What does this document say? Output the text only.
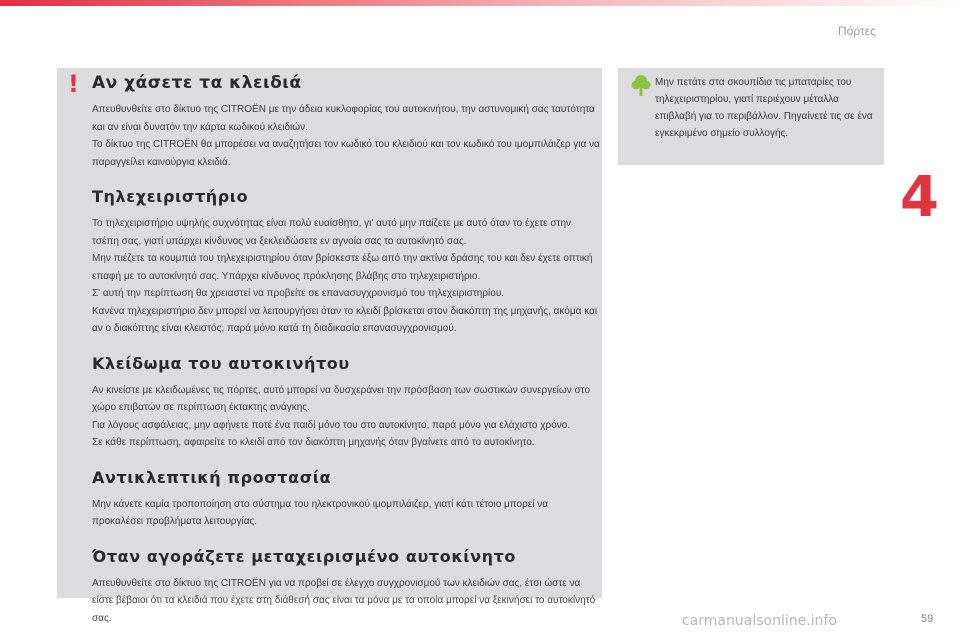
Πόρτες
4
! Αν χάσετε τα κλειδιά

Απευθυνθείτε στο δίκτυο της CITROËN με την άδεια κυκλοφορίας του αυτοκινήτου, την αστυνομική σας ταυτότητα και αν είναι δυνατόν την κάρτα κωδικού κλειδιών.

Το δίκτυο της CITROËN θα μπορέσει να αναζητήσει τον κωδικό του κλειδιού και τον κωδικό του ιμομπιλάιζερ για να παραγγείλει καινούργια κλειδιά.

Τηλεχειριστήριο

Το τηλεχειριστήριο υψηλής συχνότητας είναι πολύ ευαίσθητο, γι' αυτό μην παίζετε με αυτό όταν το έχετε στην τσέπη σας, γιατί υπάρχει κίνδυνος να ξεκλειδώσετε εν αγνοία σας το αυτοκίνητό σας.

Μην πιέζετε τα κουμπιά του τηλεχειριστηρίου όταν βρίσκεστε έξω από την ακτίνα δράσης του και δεν έχετε οπτική επαφή με το αυτοκίνητό σας. Υπάρχει κίνδυνος πρόκλησης βλάβης στο τηλεχειριστήριο.

Σ' αυτή την περίπτωση θα χρειαστεί να προβείτε σε επανασυγχρονισμό του τηλεχειριστηρίου.

Κανένα τηλεχειριστήριο δεν μπορεί να λειτουργήσει όταν το κλειδί βρίσκεται στον διακόπτη της μηχανής, ακόμα και αν ο διακόπτης είναι κλειστός, παρά μόνο κατά τη διαδικασία επανασυγχρονισμού.

Κλείδωμα του αυτοκινήτου

Αν κινείστε με κλειδωμένες τις πόρτες, αυτό μπορεί να δυσχεράνει την πρόσβαση των σωστικών συνεργείων στο χώρο επιβατών σε περίπτωση έκτακτης ανάγκης.

Για λόγους ασφάλειας, μην αφήνετε ποτέ ένα παιδί μόνο του στο αυτοκίνητο, παρά μόνο για ελάχιστο χρόνο.

Σε κάθε περίπτωση, αφαιρείτε το κλειδί από τον διακόπτη μηχανής όταν βγαίνετε από το αυτοκίνητο.

Αντικλεπτική προστασία

Μην κάνετε καμία τροποποίηση στο σύστημα του ηλεκτρονικού ιμομπιλάιζερ, γιατί κάτι τέτοιο μπορεί να προκαλέσει προβλήματα λειτουργίας.

Όταν αγοράζετε μεταχειρισμένο αυτοκίνητο

Απευθυνθείτε στο δίκτυο της CITROËN για να προβεί σε έλεγχο συγχρονισμού των κλειδιών σας, έτσι ώστε να είστε βέβαιοι ότι τα κλειδιά που έχετε στη διάθεσή σας είναι τα μόνα με τα οποία μπορεί να ξεκινήσει το αυτοκίνητό σας.

Μην πετάτε στα σκουπίδια τις μπαταρίες του τηλεχειριστηρίου, γιατί περιέχουν μέταλλα επιβλαβή για το περιβάλλον. Πηγαίνετέ τις σε ένα εγκεκριμένο σημείο συλλογής.

carmanualsonline.info	59
